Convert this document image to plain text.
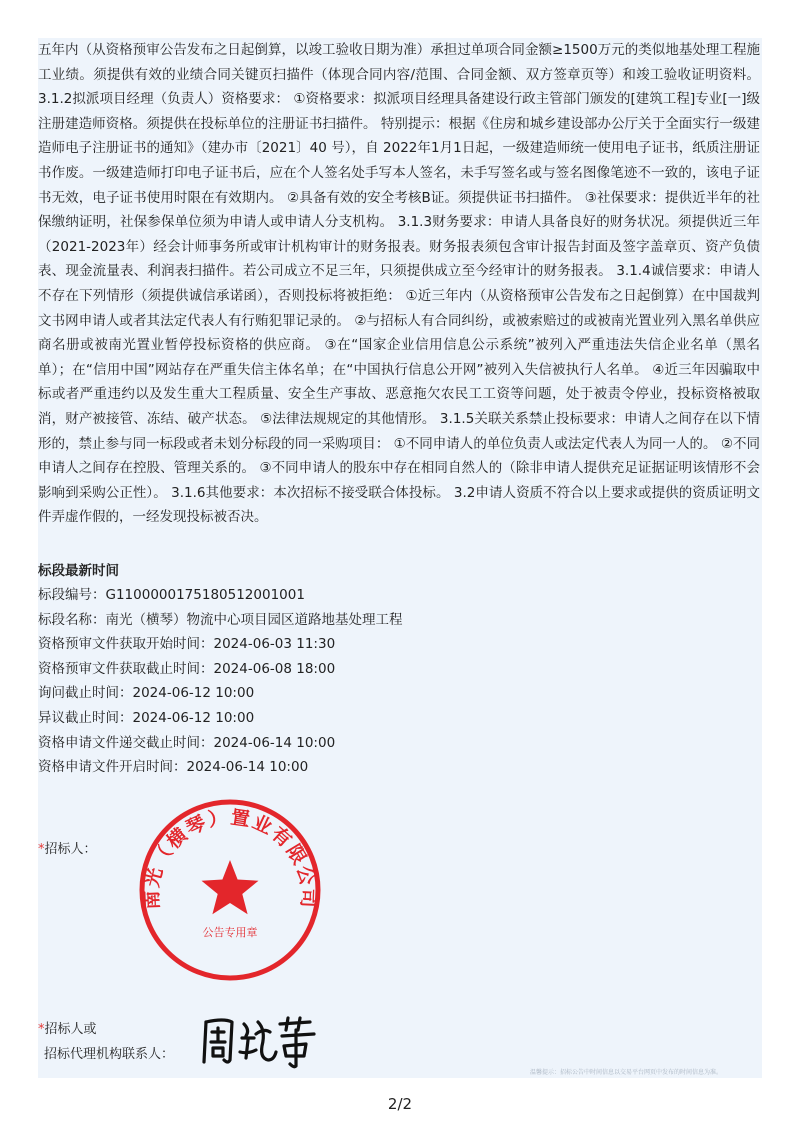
五年内（从资格预审公告发布之日起倒算，以竣工验收日期为准）承担过单项合同金额≥1500万元的类似地基处理工程施工业绩。须提供有效的业绩合同关键页扫描件（体现合同内容/范围、合同金额、双方签章页等）和竣工验收证明资料。 3.1.2拟派项目经理（负责人）资格要求： ①资格要求：拟派项目经理具备建设行政主管部门颁发的[建筑工程]专业[一]级注册建造师资格。须提供在投标单位的注册证书扫描件。 特别提示：根据《住房和城乡建设部办公厅关于全面实行一级建造师电子注册证书的通知》（建办市〔2021〕40 号），自 2022年1月1日起，一级建造师统一使用电子证书，纸质注册证书作废。一级建造师打印电子证书后，应在个人签名处手写本人签名，未手写签名或与签名图像笔迹不一致的，该电子证书无效，电子证书使用时限在有效期内。 ②具备有效的安全考核B证。须提供证书扫描件。 ③社保要求：提供近半年的社保缴纳证明，社保参保单位须为申请人或申请人分支机构。 3.1.3财务要求：申请人具备良好的财务状况。须提供近三年（2021-2023年）经会计师事务所或审计机构审计的财务报表。财务报表须包含审计报告封面及签字盖章页、资产负债表、现金流量表、利润表扫描件。若公司成立不足三年，只须提供成立至今经审计的财务报表。 3.1.4诚信要求：申请人不存在下列情形（须提供诚信承诺函），否则投标将被拒绝： ①近三年内（从资格预审公告发布之日起倒算）在中国裁判文书网申请人或者其法定代表人有行贿犯罪记录的。 ②与招标人有合同纠纷，或被索赔过的或被南光置业列入黑名单供应商名册或被南光置业暂停投标资格的供应商。 ③在“国家企业信用信息公示系统”被列入严重违法失信企业名单（黑名单）；在“信用中国”网站存在严重失信主体名单；在“中国执行信息公开网”被列入失信被执行人名单。 ④近三年因骗取中标或者严重违约以及发生重大工程质量、安全生产事故、恶意拖欠农民工工资等问题，处于被责令停业，投标资格被取消，财产被接管、冻结、破产状态。 ⑤法律法规规定的其他情形。 3.1.5关联关系禁止投标要求：申请人之间存在以下情形的，禁止参与同一标段或者未划分标段的同一采购项目： ①不同申请人的单位负责人或法定代表人为同一人的。 ②不同申请人之间存在控股、管理关系的。 ③不同申请人的股东中存在相同自然人的（除非申请人提供充足证据证明该情形不会影响到采购公正性）。 3.1.6其他要求：本次招标不接受联合体投标。 3.2申请人资质不符合以上要求或提供的资质证明文件弄虚作假的，一经发现投标被否决。

标段最新时间
标段编号：G1100000175180512001001
标段名称：南光（横琴）物流中心项目园区道路地基处理工程
资格预审文件获取开始时间：2024-06-03 11:30
资格预审文件获取截止时间：2024-06-08 18:00
询问截止时间：2024-06-12 10:00
异议截止时间：2024-06-12 10:00
资格申请文件递交截止时间：2024-06-14 10:00
资格申请文件开启时间：2024-06-14 10:00
*招标人：
南光（横琴）置业有限公司
公告专用章
*招标人或
招标代理机构联系人：
温馨提示：招标公告中时间信息以交易平台网页中发布的时间信息为准。
2/2
